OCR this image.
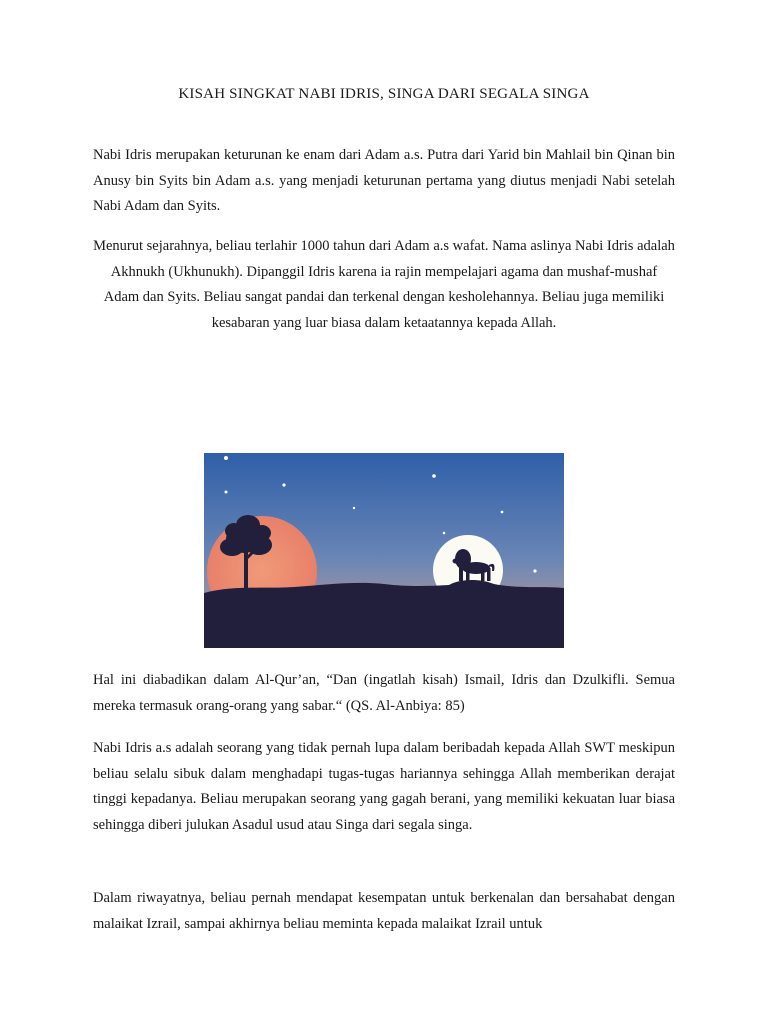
KISAH SINGKAT NABI IDRIS, SINGA DARI SEGALA SINGA
Nabi Idris merupakan keturunan ke enam dari Adam a.s. Putra dari Yarid bin Mahlail bin Qinan bin Anusy bin Syits bin Adam a.s. yang menjadi keturunan pertama yang diutus menjadi Nabi setelah Nabi Adam dan Syits.
Menurut sejarahnya, beliau terlahir 1000 tahun dari Adam a.s wafat. Nama aslinya Nabi Idris adalah Akhnukh (Ukhunukh). Dipanggil Idris karena ia rajin mempelajari agama dan mushaf-mushaf Adam dan Syits. Beliau sangat pandai dan terkenal dengan kesholehannya. Beliau juga memiliki kesabaran yang luar biasa dalam ketaatannya kepada Allah.
Hal ini diabadikan dalam Al-Qur’an, “Dan (ingatlah kisah) Ismail, Idris dan Dzulkifli. Semua mereka termasuk orang-orang yang sabar.“ (QS. Al-Anbiya: 85)
Nabi Idris a.s adalah seorang yang tidak pernah lupa dalam beribadah kepada Allah SWT meskipun beliau selalu sibuk dalam menghadapi tugas-tugas hariannya sehingga Allah memberikan derajat tinggi kepadanya. Beliau merupakan seorang yang gagah berani, yang memiliki kekuatan luar biasa sehingga diberi julukan Asadul usud atau Singa dari segala singa.
Dalam riwayatnya, beliau pernah mendapat kesempatan untuk berkenalan dan bersahabat dengan malaikat Izrail, sampai akhirnya beliau meminta kepada malaikat Izrail untuk
